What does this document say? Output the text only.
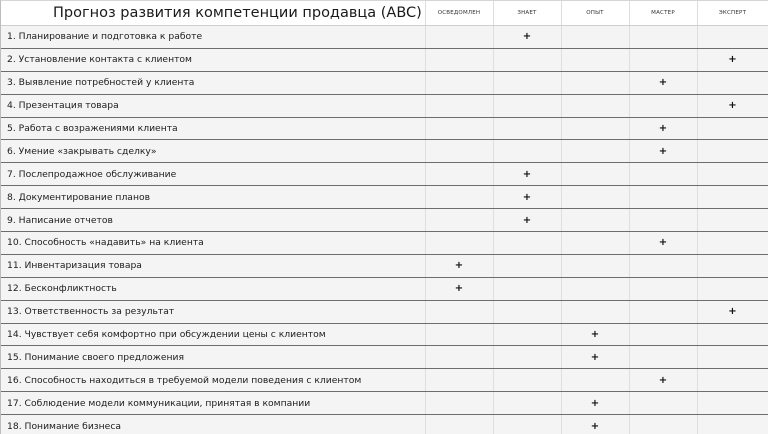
Прогноз развития компетенции продавца (ABC)	ОСВЕДОМЛЕН	ЗНАЕТ	ОПЫТ	МАСТЕР	ЭКСПЕРТ
1. Планирование и подготовка к работе		+			
2. Установление контакта с клиентом					+
3. Выявление потребностей у клиента				+	
4. Презентация товара					+
5. Работа с возражениями клиента				+	
6. Умение «закрывать сделку»				+	
7. Послепродажное обслуживание		+			
8. Документирование планов		+			
9. Написание отчетов		+			
10. Способность «надавить» на клиента				+	
11. Инвентаризация товара	+				
12. Бесконфликтность	+				
13. Ответственность за результат					+
14. Чувствует себя комфортно при обсуждении цены с клиентом			+		
15. Понимание своего предложения			+		
16. Способность находиться в требуемой модели поведения с клиентом				+	
17. Соблюдение модели коммуникации, принятая в компании			+		
18. Понимание бизнеса			+		
